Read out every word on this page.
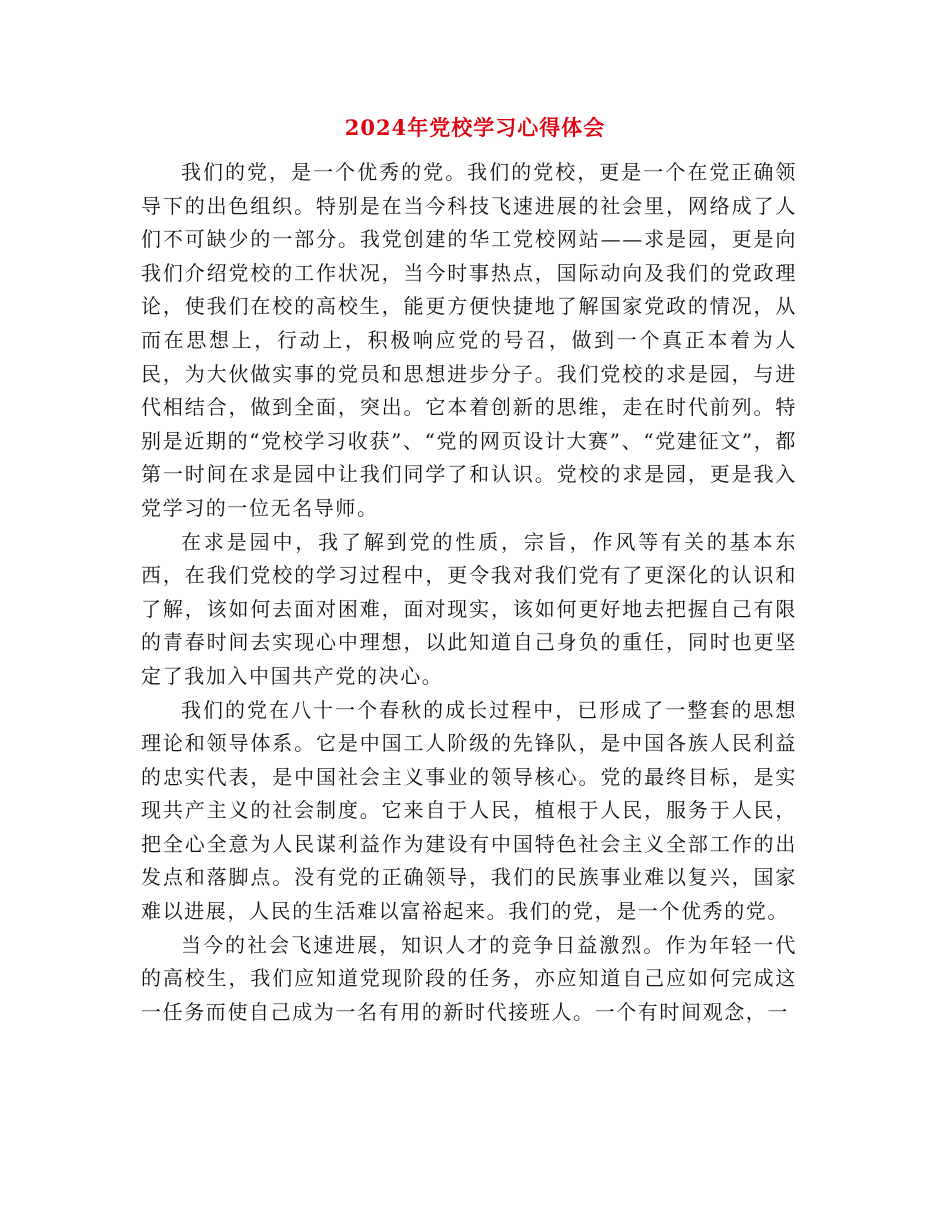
2024年党校学习心得体会

我们的党，是一个优秀的党。我们的党校，更是一个在党正确领导下的出色组织。特别是在当今科技飞速进展的社会里，网络成了人们不可缺少的一部分。我党创建的华工党校网站——求是园，更是向我们介绍党校的工作状况，当今时事热点，国际动向及我们的党政理论，使我们在校的高校生，能更方便快捷地了解国家党政的情况，从而在思想上，行动上，积极响应党的号召，做到一个真正本着为人民，为大伙做实事的党员和思想进步分子。我们党校的求是园，与进代相结合，做到全面，突出。它本着创新的思维，走在时代前列。特别是近期的“党校学习收获”、“党的网页设计大赛”、“党建征文”，都第一时间在求是园中让我们同学了和认识。党校的求是园，更是我入党学习的一位无名导师。

在求是园中，我了解到党的性质，宗旨，作风等有关的基本东西，在我们党校的学习过程中，更令我对我们党有了更深化的认识和了解，该如何去面对困难，面对现实，该如何更好地去把握自己有限的青春时间去实现心中理想，以此知道自己身负的重任，同时也更坚定了我加入中国共产党的决心。

我们的党在八十一个春秋的成长过程中，已形成了一整套的思想理论和领导体系。它是中国工人阶级的先锋队，是中国各族人民利益的忠实代表，是中国社会主义事业的领导核心。党的最终目标，是实现共产主义的社会制度。它来自于人民，植根于人民，服务于人民，把全心全意为人民谋利益作为建设有中国特色社会主义全部工作的出发点和落脚点。没有党的正确领导，我们的民族事业难以复兴，国家难以进展，人民的生活难以富裕起来。我们的党，是一个优秀的党。

当今的社会飞速进展，知识人才的竞争日益激烈。作为年轻一代的高校生，我们应知道党现阶段的任务，亦应知道自己应如何完成这一任务而使自己成为一名有用的新时代接班人。一个有时间观念，一
